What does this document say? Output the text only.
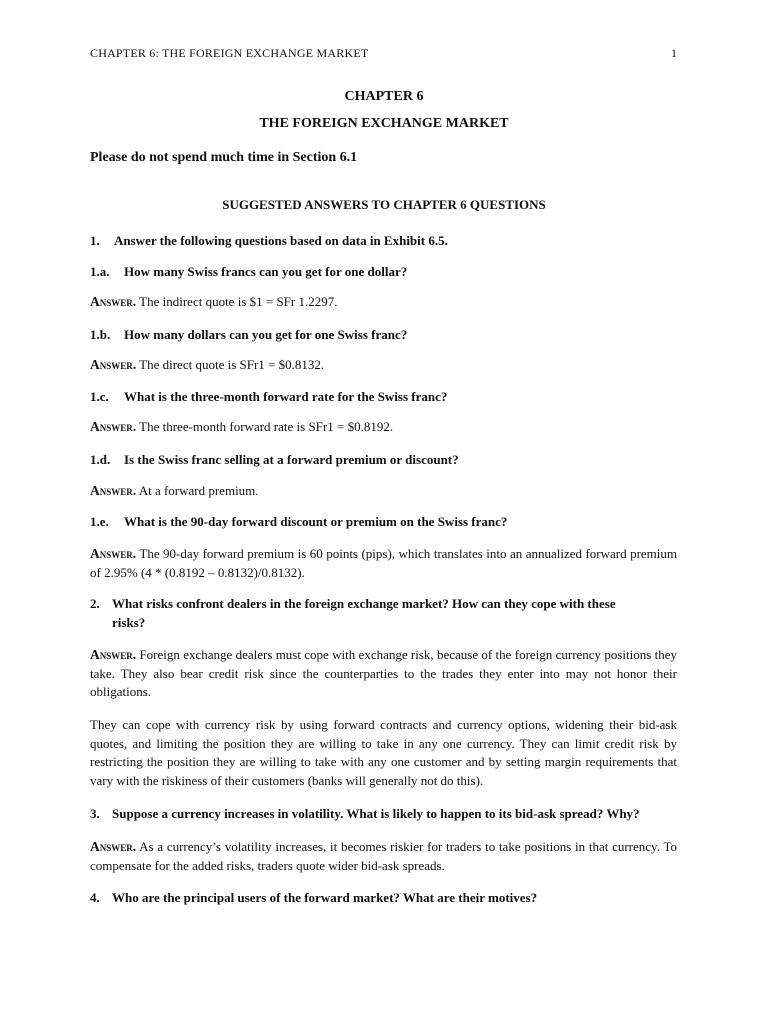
CHAPTER 6: THE FOREIGN EXCHANGE MARKET	1
CHAPTER 6
THE FOREIGN EXCHANGE MARKET
Please do not spend much time in Section 6.1
SUGGESTED ANSWERS TO CHAPTER 6 QUESTIONS
1. Answer the following questions based on data in Exhibit 6.5.
1.a. How many Swiss francs can you get for one dollar?
Answer. The indirect quote is $1 = SFr 1.2297.
1.b. How many dollars can you get for one Swiss franc?
Answer. The direct quote is SFr1 = $0.8132.
1.c. What is the three-month forward rate for the Swiss franc?
Answer. The three-month forward rate is SFr1 = $0.8192.
1.d. Is the Swiss franc selling at a forward premium or discount?
Answer. At a forward premium.
1.e. What is the 90-day forward discount or premium on the Swiss franc?
Answer. The 90-day forward premium is 60 points (pips), which translates into an annualized forward premium of 2.95% (4 * (0.8192 – 0.8132)/0.8132).
2. What risks confront dealers in the foreign exchange market? How can they cope with these
risks?
Answer. Foreign exchange dealers must cope with exchange risk, because of the foreign currency positions they take. They also bear credit risk since the counterparties to the trades they enter into may not honor their obligations.
They can cope with currency risk by using forward contracts and currency options, widening their bid-ask quotes, and limiting the position they are willing to take in any one currency. They can limit credit risk by restricting the position they are willing to take with any one customer and by setting margin requirements that vary with the riskiness of their customers (banks will generally not do this).
3. Suppose a currency increases in volatility. What is likely to happen to its bid-ask spread? Why?
Answer. As a currency’s volatility increases, it becomes riskier for traders to take positions in that currency. To compensate for the added risks, traders quote wider bid-ask spreads.
4. Who are the principal users of the forward market? What are their motives?
